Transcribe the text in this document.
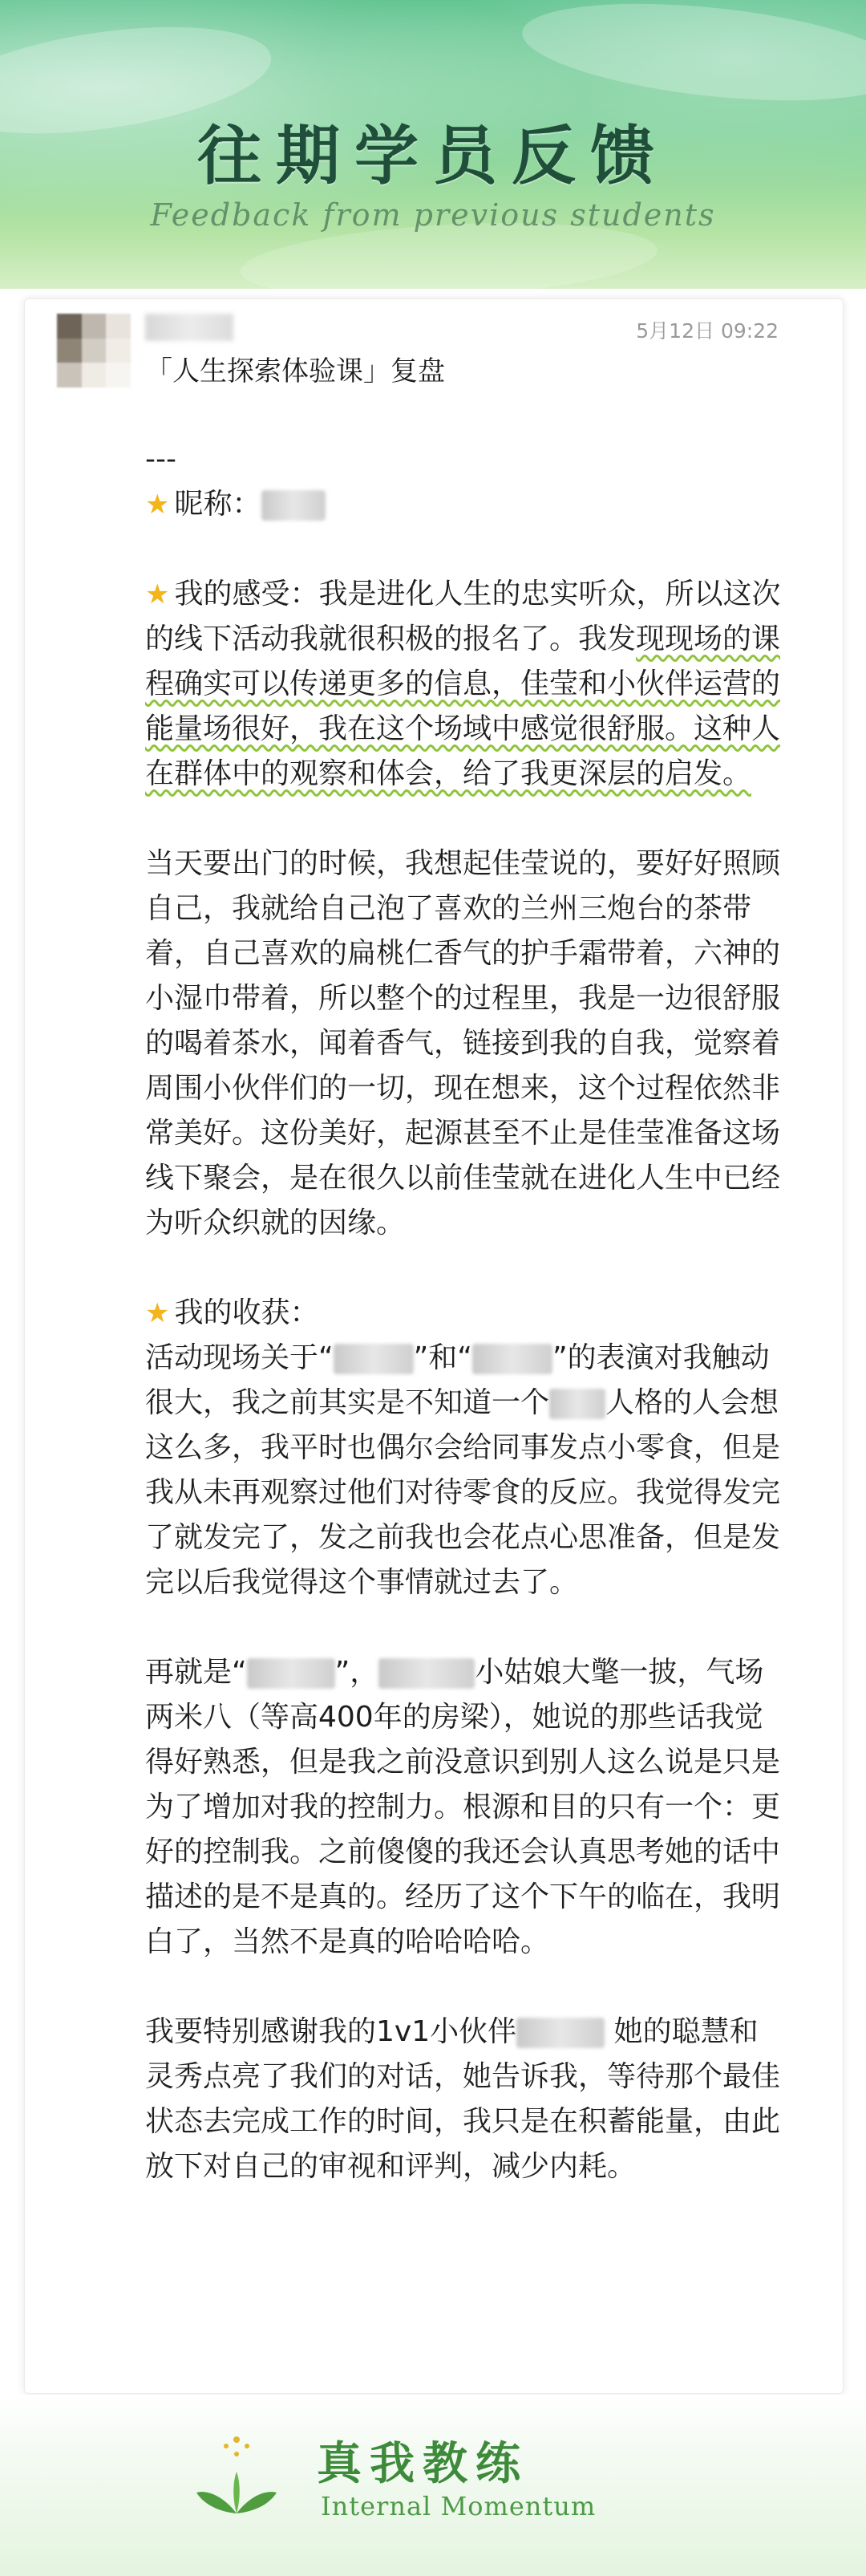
往期学员反馈
Feedback from previous students
5月12日 09:22
「人生探索体验课」复盘

---

★ 昵称：

★ 我的感受：我是进化人生的忠实听众，所以这次的线下活动我就很积极的报名了。我发现现场的课程确实可以传递更多的信息，佳莹和小伙伴运营的能量场很好，我在这个场域中感觉很舒服。这种人在群体中的观察和体会，给了我更深层的启发。

当天要出门的时候，我想起佳莹说的，要好好照顾自己，我就给自己泡了喜欢的兰州三炮台的茶带着，自己喜欢的扁桃仁香气的护手霜带着，六神的小湿巾带着，所以整个的过程里，我是一边很舒服的喝着茶水，闻着香气，链接到我的自我，觉察着周围小伙伴们的一切，现在想来，这个过程依然非常美好。这份美好，起源甚至不止是佳莹准备这场线下聚会，是在很久以前佳莹就在进化人生中已经为听众织就的因缘。

★ 我的收获：
活动现场关于“	”和“	”的表演对我触动很大，我之前其实是不知道一个 人格的人会想这么多，我平时也偶尔会给同事发点小零食，但是我从未再观察过他们对待零食的反应。我觉得发完了就发完了，发之前我也会花点心思准备，但是发完以后我觉得这个事情就过去了。

再就是“	”，	小姑娘大氅一披，气场两米八（等高400年的房梁），她说的那些话我觉得好熟悉，但是我之前没意识到别人这么说是只是为了增加对我的控制力。根源和目的只有一个：更好的控制我。之前傻傻的我还会认真思考她的话中描述的是不是真的。经历了这个下午的临在，我明白了，当然不是真的哈哈哈哈。

我要特别感谢我的1v1小伙伴	她的聪慧和灵秀点亮了我们的对话，她告诉我，等待那个最佳状态去完成工作的时间，我只是在积蓄能量，由此放下对自己的审视和评判，减少内耗。

真我教练
Internal Momentum
